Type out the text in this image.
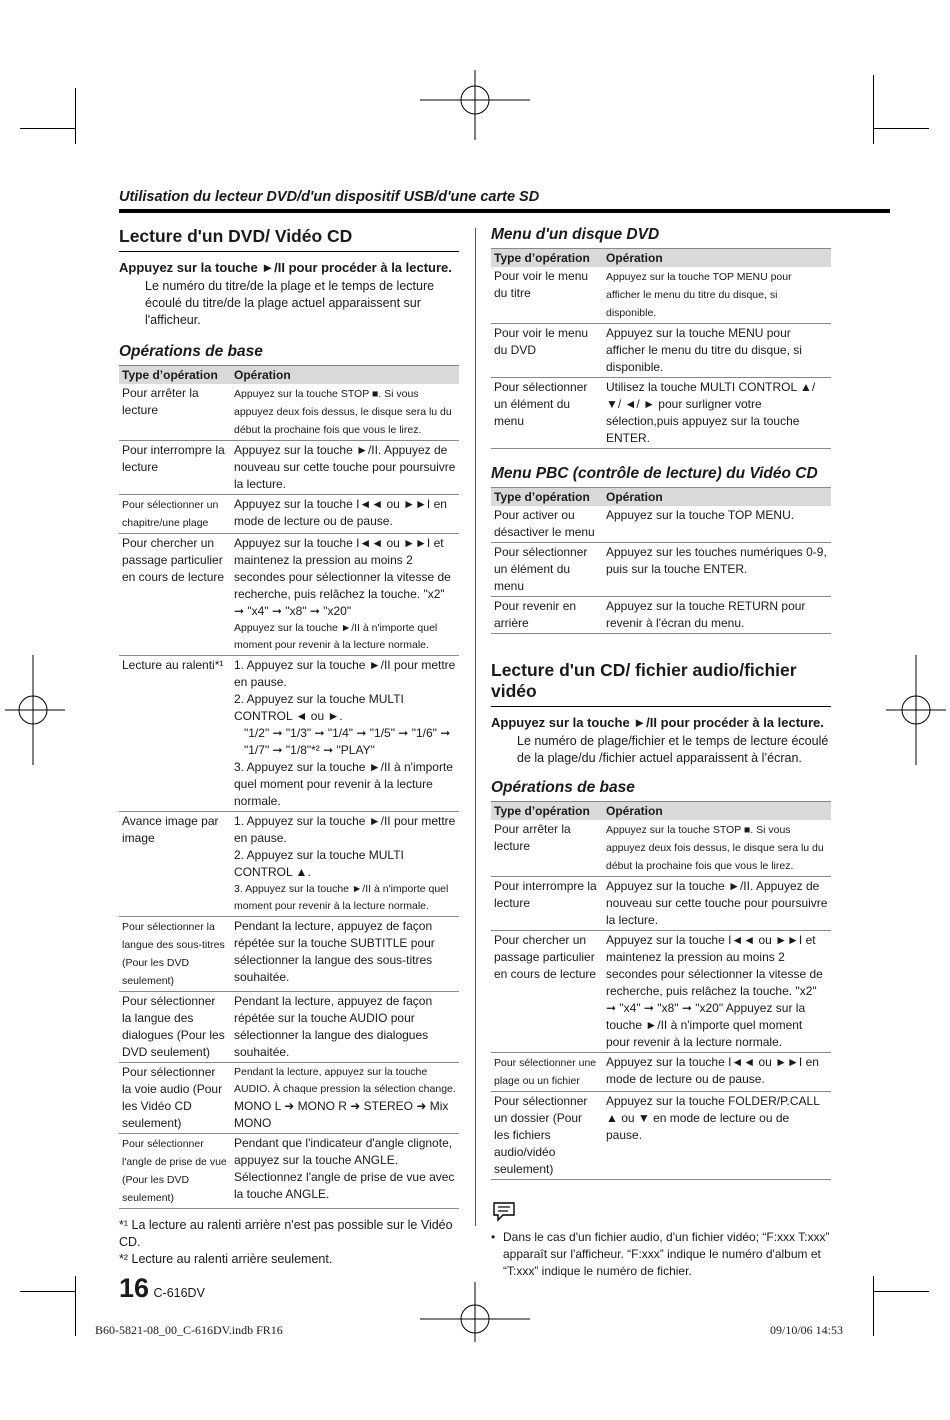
Utilisation du lecteur DVD/d'un dispositif USB/d'une carte SD
Lecture d'un DVD/ Vidéo CD

Appuyez sur la touche ►/II pour procéder à la lecture.

Le numéro du titre/de la plage et le temps de lecture écoulé du titre/de la plage actuel apparaissent sur l'afficheur.

Opérations de base
Type d’opération	Opération
Pour arrêter la lecture	Appuyez sur la touche STOP ■. Si vous appuyez deux fois dessus, le disque sera lu du début la prochaine fois que vous le lirez.
Pour interrompre la lecture	Appuyez sur la touche ►/II. Appuyez de nouveau sur cette touche pour poursuivre la lecture.
Pour sélectionner un chapitre/une plage	Appuyez sur la touche I◄◄ ou ►►I en mode de lecture ou de pause.
Pour chercher un passage particulier en cours de lecture	Appuyez sur la touche I◄◄ ou ►►I et maintenez la pression au moins 2 secondes pour sélectionner la vitesse de recherche, puis relâchez la touche. "x2" ➞ "x4" ➞ "x8" ➞ "x20"
Appuyez sur la touche ►/II à n'importe quel moment pour revenir à la lecture normale.

Lecture au ralenti*¹	1. Appuyez sur la touche ►/II pour mettre en pause.
2. Appuyez sur la touche MULTI CONTROL ◄ ou ►.
"1/2" ➞ "1/3" ➞ "1/4" ➞ "1/5" ➞ "1/6" ➞ "1/7" ➞ "1/8"*² ➞ "PLAY"
3. Appuyez sur la touche ►/II à n'importe quel moment pour revenir à la lecture normale.

Avance image par image	1. Appuyez sur la touche ►/II pour mettre en pause.
2. Appuyez sur la touche MULTI CONTROL ▲.
3. Appuyez sur la touche ►/II à n'importe quel moment pour revenir à la lecture normale.

Pour sélectionner la langue des sous-titres (Pour les DVD seulement)	Pendant la lecture, appuyez de façon répétée sur la touche SUBTITLE pour sélectionner la langue des sous-titres souhaitée.
Pour sélectionner la langue des dialogues (Pour les DVD seulement)	Pendant la lecture, appuyez de façon répétée sur la touche AUDIO pour sélectionner la langue des dialogues souhaitée.
Pour sélectionner la voie audio (Pour les Vidéo CD seulement)	Pendant la lecture, appuyez sur la touche AUDIO. À chaque pression la sélection change.
MONO L ➜ MONO R ➜ STEREO ➜ Mix MONO

Pour sélectionner l'angle de prise de vue (Pour les DVD seulement)	Pendant que l'indicateur d'angle clignote, appuyez sur la touche ANGLE. Sélectionnez l'angle de prise de vue avec la touche ANGLE.
*¹ La lecture au ralenti arrière n'est pas possible sur le Vidéo CD.
*² Lecture au ralenti arrière seulement.
16 C-616DV
Menu d'un disque DVD
Type d’opération	Opération
Pour voir le menu du titre	Appuyez sur la touche TOP MENU pour afficher le menu du titre du disque, si disponible.
Pour voir le menu du DVD	Appuyez sur la touche MENU pour afficher le menu du titre du disque, si disponible.
Pour sélectionner un élément du menu	Utilisez la touche MULTI CONTROL ▲/ ▼/ ◄/ ► pour surligner votre sélection,puis appuyez sur la touche ENTER.
Menu PBC (contrôle de lecture) du Vidéo CD
Type d’opération	Opération
Pour activer ou désactiver le menu	Appuyez sur la touche TOP MENU.
Pour sélectionner un élément du menu	Appuyez sur les touches numériques 0-9, puis sur la touche ENTER.
Pour revenir en arrière	Appuyez sur la touche RETURN pour revenir à l'écran du menu.
Lecture d'un CD/ fichier audio/fichier vidéo

Appuyez sur la touche ►/II pour procéder à la lecture.

Le numéro de plage/fichier et le temps de lecture écoulé de la plage/du /fichier actuel apparaissent à l’écran.

Opérations de base
Type d’opération	Opération
Pour arrêter la lecture	Appuyez sur la touche STOP ■. Si vous appuyez deux fois dessus, le disque sera lu du début la prochaine fois que vous le lirez.
Pour interrompre la lecture	Appuyez sur la touche ►/II. Appuyez de nouveau sur cette touche pour poursuivre la lecture.
Pour chercher un passage particulier en cours de lecture	Appuyez sur la touche I◄◄ ou ►►I et maintenez la pression au moins 2 secondes pour sélectionner la vitesse de recherche, puis relâchez la touche. "x2" ➞ "x4" ➞ "x8" ➞ "x20" Appuyez sur la touche ►/II à n'importe quel moment pour revenir à la lecture normale.
Pour sélectionner une plage ou un fichier	Appuyez sur la touche I◄◄ ou ►►I en mode de lecture ou de pause.
Pour sélectionner un dossier (Pour les fichiers audio/vidéo seulement)	Appuyez sur la touche FOLDER/P.CALL ▲ ou ▼ en mode de lecture ou de pause.
• Dans le cas d'un fichier audio, d'un fichier vidéo; “F:xxx T:xxx” apparaît sur l'afficheur. “F:xxx” indique le numéro d'album et “T:xxx” indique le numéro de fichier.
B60-5821-08_00_C-616DV.indb FR16	09/10/06 14:53
